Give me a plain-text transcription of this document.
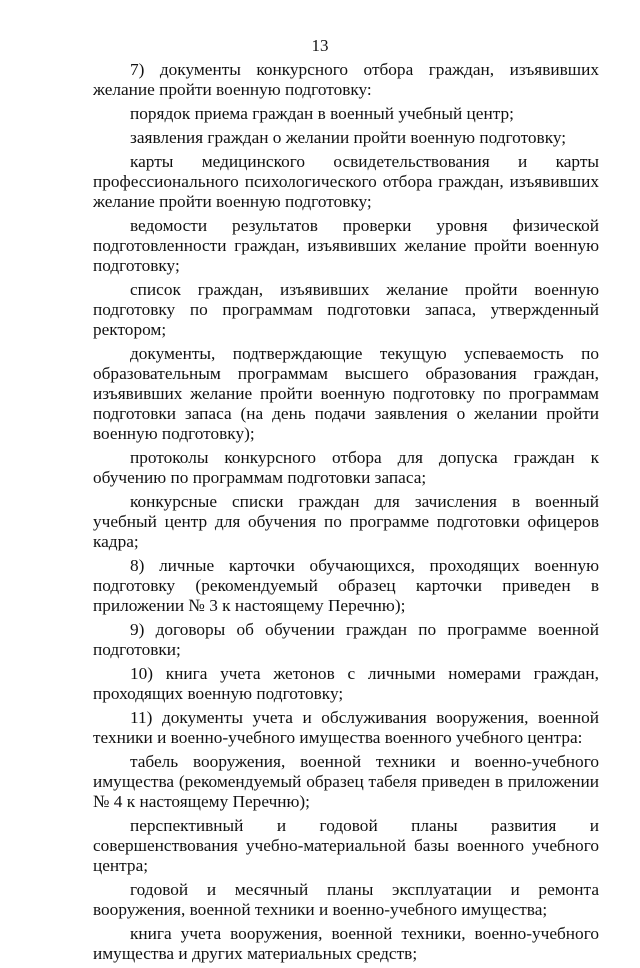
13

7) документы конкурсного отбора граждан, изъявивших желание пройти военную подготовку:

порядок приема граждан в военный учебный центр;

заявления граждан о желании пройти военную подготовку;

карты медицинского освидетельствования и карты профессионального психологического отбора граждан, изъявивших желание пройти военную подготовку;

ведомости результатов проверки уровня физической подготовленности граждан, изъявивших желание пройти военную подготовку;

список граждан, изъявивших желание пройти военную подготовку по программам подготовки запаса, утвержденный ректором;

документы, подтверждающие текущую успеваемость по образовательным программам высшего образования граждан, изъявивших желание пройти военную подготовку по программам подготовки запаса (на день подачи заявления о желании пройти военную подготовку);

протоколы конкурсного отбора для допуска граждан к обучению по программам подготовки запаса;

конкурсные списки граждан для зачисления в военный учебный центр для обучения по программе подготовки офицеров кадра;

8) личные карточки обучающихся, проходящих военную подготовку (рекомендуемый образец карточки приведен в приложении № 3 к настоящему Перечню);

9) договоры об обучении граждан по программе военной подготовки;

10) книга учета жетонов с личными номерами граждан, проходящих военную подготовку;

11) документы учета и обслуживания вооружения, военной техники и военно-учебного имущества военного учебного центра:

табель вооружения, военной техники и военно-учебного имущества (рекомендуемый образец табеля приведен в приложении № 4 к настоящему Перечню);

перспективный и годовой планы развития и совершенствования учебно-материальной базы военного учебного центра;

годовой и месячный планы эксплуатации и ремонта вооружения, военной техники и военно-учебного имущества;

книга учета вооружения, военной техники, военно-учебного имущества и других материальных средств;
